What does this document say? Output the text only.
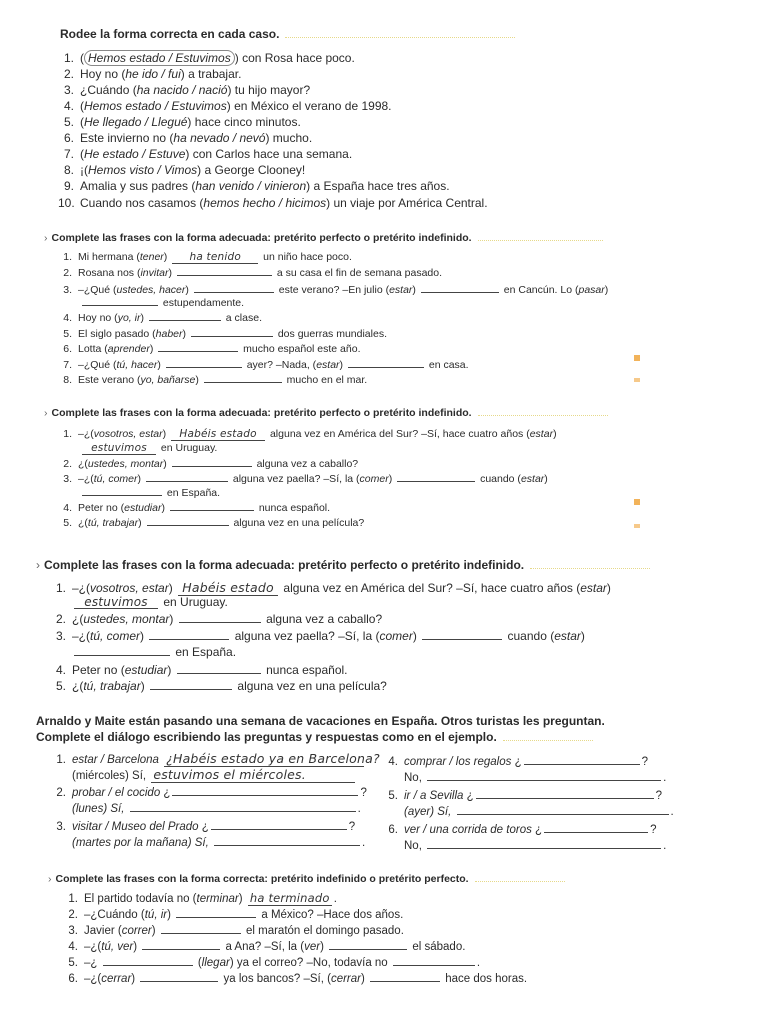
Rodee la forma correcta en cada caso.
1. ( Hemos estado / Estuvimos ) con Rosa hace poco.
2. Hoy no (he ido / fui) a trabajar.
3. ¿Cuándo (ha nacido / nació) tu hijo mayor?
4. (Hemos estado / Estuvimos) en México el verano de 1998.
5. (He llegado / Llegué) hace cinco minutos.
6. Este invierno no (ha nevado / nevó) mucho.
7. (He estado / Estuve) con Carlos hace una semana.
8. ¡(Hemos visto / Vimos) a George Clooney!
9. Amalia y sus padres (han venido / vinieron) a España hace tres años.
10. Cuando nos casamos (hemos hecho / hicimos) un viaje por América Central.
› Complete las frases con la forma adecuada: pretérito perfecto o pretérito indefinido.
1. Mi hermana (tener) ha tenido un niño hace poco.
2. Rosana nos (invitar)	a su casa el fin de semana pasado.
3. –¿Qué (ustedes, hacer)	este verano? –En julio (estar)	en Cancún. Lo (pasar)
estupendamente.
4. Hoy no (yo, ir)	a clase.
5. El siglo pasado (haber)	dos guerras mundiales.
6. Lotta (aprender)	mucho español este año.
7. –¿Qué (tú, hacer)	ayer? –Nada, (estar)	en casa.
8. Este verano (yo, bañarse)	mucho en el mar.
› Complete las frases con la forma adecuada: pretérito perfecto o pretérito indefinido.
1. –¿(vosotros, estar) Habéis estado alguna vez en América del Sur? –Sí, hace cuatro años (estar)
estuvimos en Uruguay.
2. ¿(ustedes, montar)	alguna vez a caballo?
3. –¿(tú, comer)	alguna vez paella? –Sí, la (comer)	cuando (estar)
en España.
4. Peter no (estudiar)	nunca español.
5. ¿(tú, trabajar)	alguna vez en una película?
› Complete las frases con la forma adecuada: pretérito perfecto o pretérito indefinido.
1. –¿(vosotros, estar) Habéis estado alguna vez en América del Sur? –Sí, hace cuatro años (estar)
estuvimos en Uruguay.
2. ¿(ustedes, montar)	alguna vez a caballo?
3. –¿(tú, comer)	alguna vez paella? –Sí, la (comer)	cuando (estar)
en España.
4. Peter no (estudiar)	nunca español.
5. ¿(tú, trabajar)	alguna vez en una película?
Arnaldo y Maite están pasando una semana de vacaciones en España. Otros turistas les preguntan.
Complete el diálogo escribiendo las preguntas y respuestas como en el ejemplo.
1. estar / Barcelona ¿Habéis estado ya en Barcelona?
(miércoles) Sí, estuvimos el miércoles.
2. probar / el cocido ¿	?
(lunes) Sí,	.
3. visitar / Museo del Prado ¿	?
(martes por la mañana) Sí,	.
4. comprar / los regalos ¿	?
No,	.
5. ir / a Sevilla ¿	?
(ayer) Sí,	.
6. ver / una corrida de toros ¿	?
No,	.
› Complete las frases con la forma correcta: pretérito indefinido o pretérito perfecto.
1. El partido todavía no (terminar) ha terminado .
2. –¿Cuándo (tú, ir)	a México? –Hace dos años.
3. Javier (correr)	el maratón el domingo pasado.
4. –¿(tú, ver)	a Ana? –Sí, la (ver)	el sábado.
5. –¿	(llegar) ya el correo? –No, todavía no	.
6. –¿(cerrar)	ya los bancos? –Sí, (cerrar)	hace dos horas.
